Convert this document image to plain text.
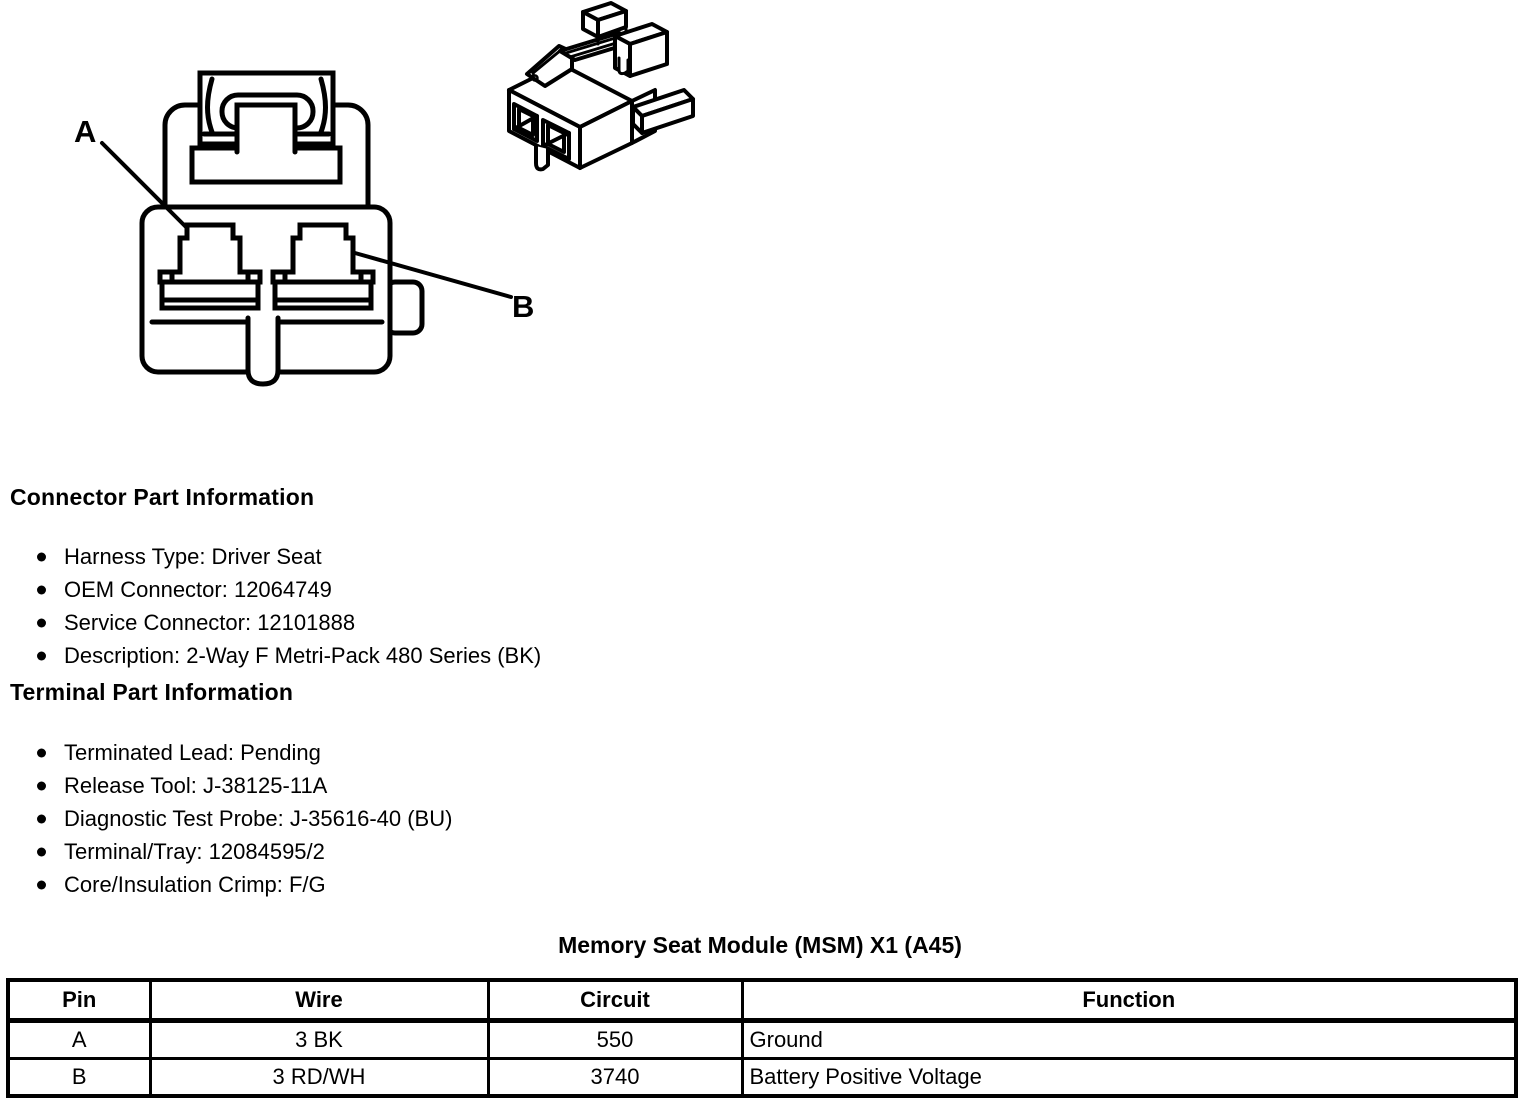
A
B
Connector Part Information
Harness Type: Driver Seat
OEM Connector: 12064749
Service Connector: 12101888
Description: 2-Way F Metri-Pack 480 Series (BK)
Terminal Part Information
Terminated Lead: Pending
Release Tool: J-38125-11A
Diagnostic Test Probe: J-35616-40 (BU)
Terminal/Tray: 12084595/2
Core/Insulation Crimp: F/G
Memory Seat Module (MSM) X1 (A45)
Pin	Wire	Circuit	Function
A	3 BK	550	Ground
B	3 RD/WH	3740	Battery Positive Voltage
